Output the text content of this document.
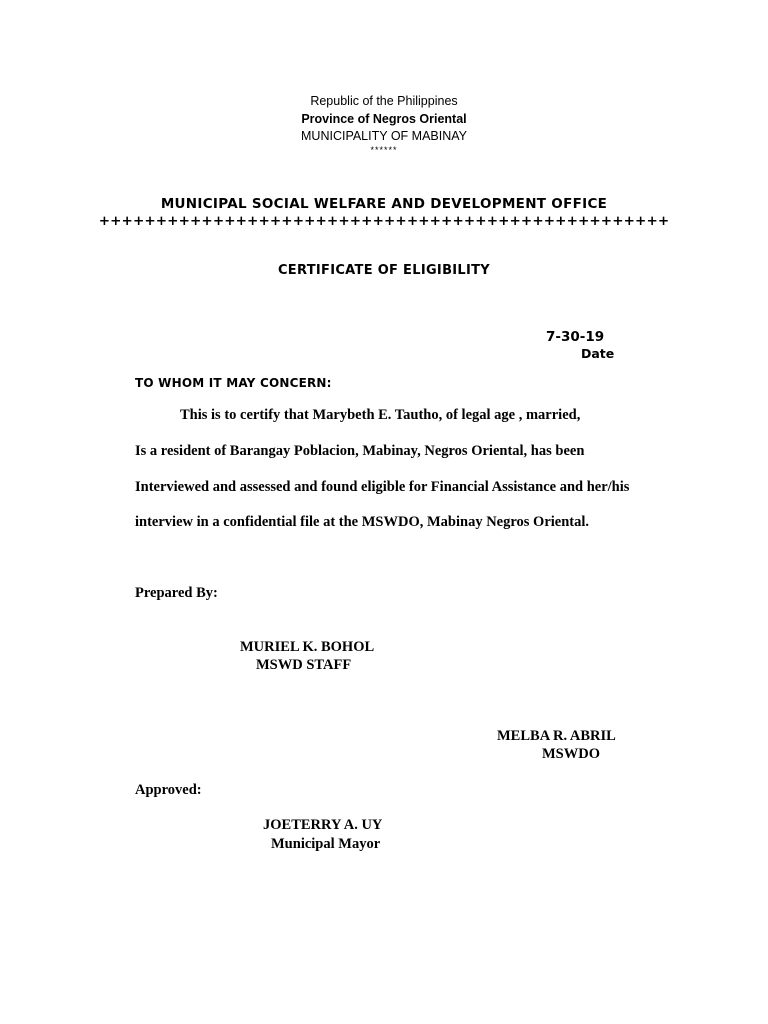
Republic of the Philippines
Province of Negros Oriental
MUNICIPALITY OF MABINAY
******
MUNICIPAL SOCIAL WELFARE AND DEVELOPMENT OFFICE
++++++++++++++++++++++++++++++++++++++++++++++++++
CERTIFICATE OF ELIGIBILITY
7-30-19
Date
TO WHOM IT MAY CONCERN:
This is to certify that Marybeth E. Tautho, of legal age , married,
Is a resident of Barangay Poblacion, Mabinay, Negros Oriental, has been
Interviewed and assessed and found eligible for Financial Assistance and her/his
interview in a confidential file at the MSWDO, Mabinay Negros Oriental.
Prepared By:
MURIEL K. BOHOL
MSWD STAFF
MELBA R. ABRIL
MSWDO
Approved:
JOETERRY A. UY
Municipal Mayor
